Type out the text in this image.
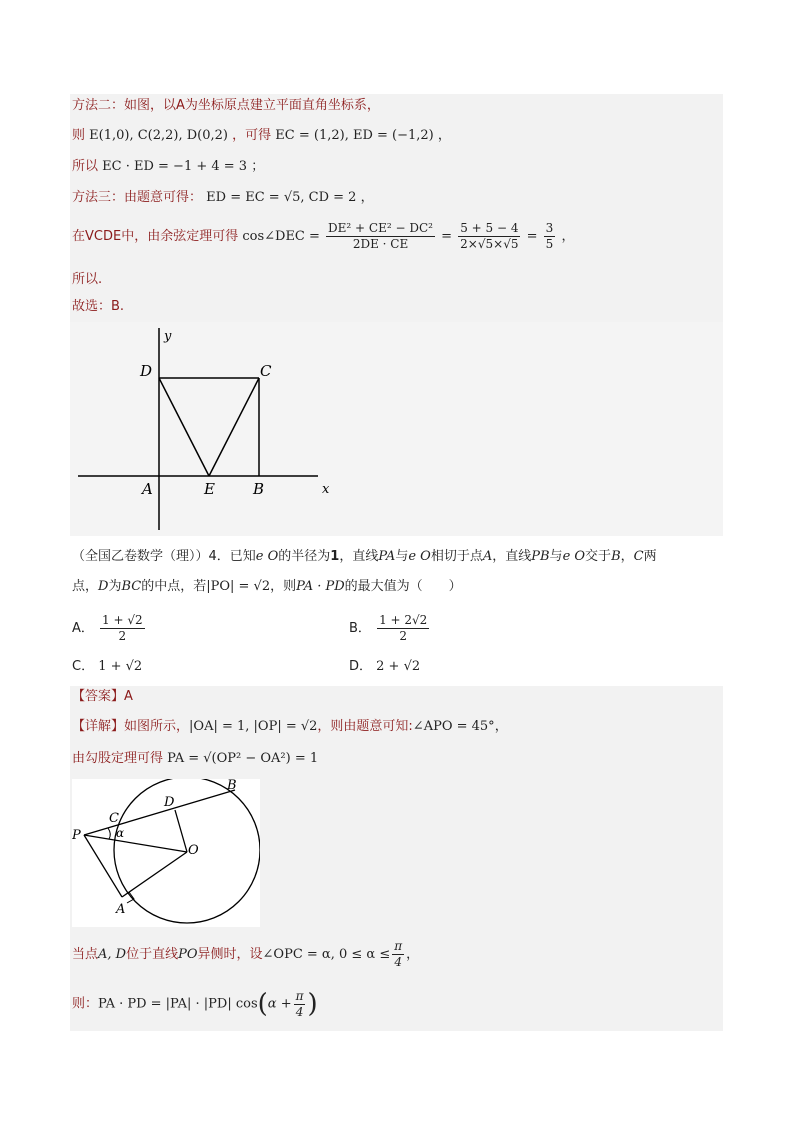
方法二：如图，以A为坐标原点建立平面直角坐标系，
则 E(1,0), C(2,2), D(0,2) ，可得 EC = (1,2), ED = (−1,2) ，
所以 EC · ED = −1 + 4 = 3 ；
方法三：由题意可得： ED = EC = √5, CD = 2 ，
在VCDE中，由余弦定理可得 cos∠DEC = $\frac{\text{DE² + CE² − DC²}}{2DE \cdot CE} = \frac{5 + 5 - 4}{2\times√5\times√5} = \frac{3}{5}$ ，
所以.
故选：B.
y
x
D	C
A	E	B
（全国乙卷数学（理））4．已知e O的半径为1，直线PA与e O相切于点A，直线PB与e O交于B，C两
点，D为BC的中点，若|PO| = √2，则PA · PD的最大值为（　　）
A． $\frac{1 + √2}{2}$	B． $\frac{1 + 2√2}{2}$
C． 1 + √2	D． 2 + √2
【答案】A
【详解】如图所示，|OA| = 1, |OP| = √2，则由题意可知:∠APO = 45°，
由勾股定理可得 PA = √(OP² − OA²) = 1
B
D
C
P	α
O
A
当点A, D位于直线PO异侧时，设∠OPC = α, $0 \le \alpha \le \frac{\pi}{4}$ ，
则：PA · PD = |PA| · |PD| $\cos(\alpha + \frac{\pi}{4}$ )
